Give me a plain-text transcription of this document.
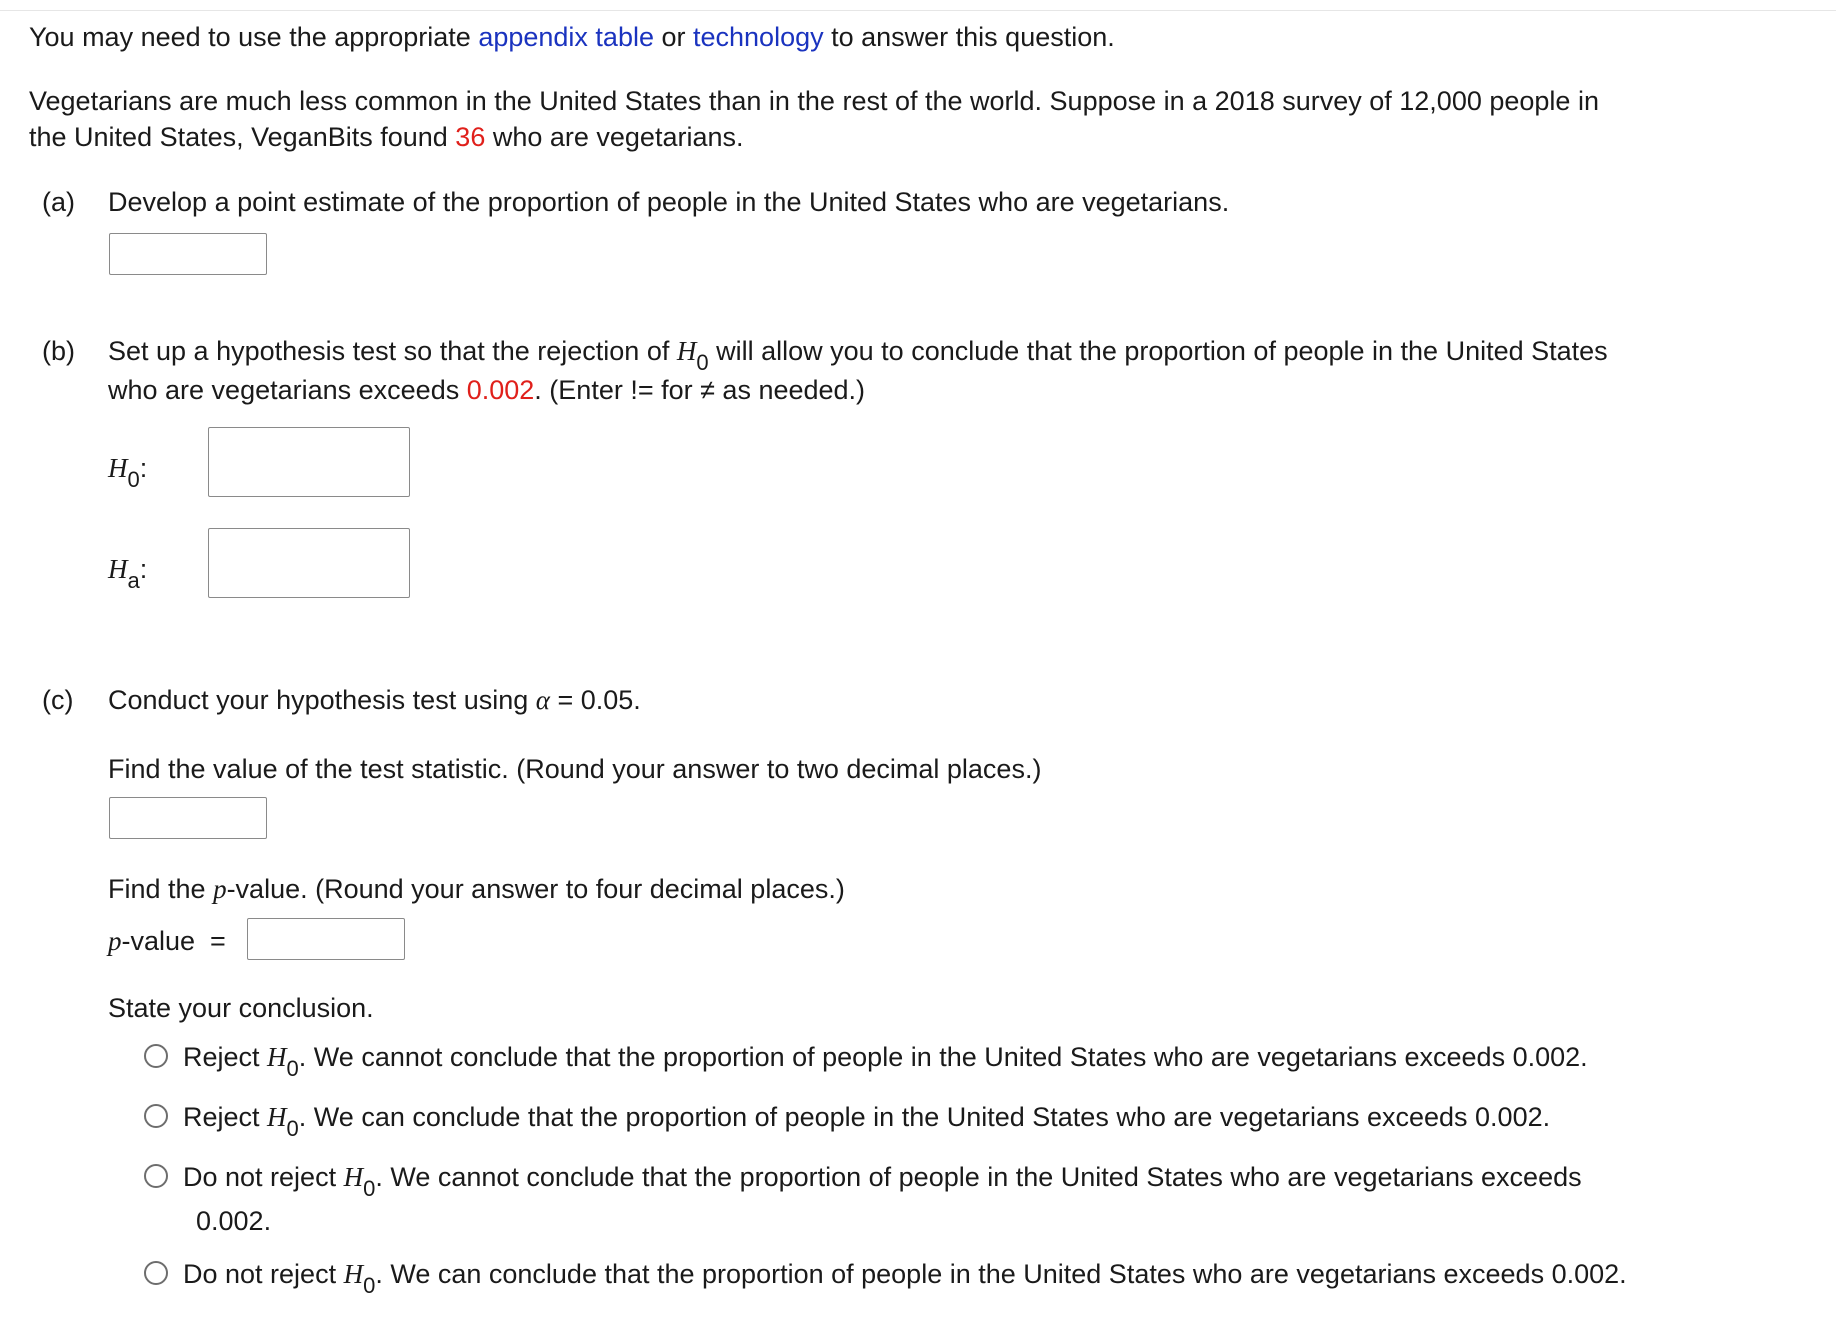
You may need to use the appropriate appendix table or technology to answer this question.
Vegetarians are much less common in the United States than in the rest of the world. Suppose in a 2018 survey of 12,000 people in
the United States, VeganBits found 36 who are vegetarians.
(a) Develop a point estimate of the proportion of people in the United States who are vegetarians.
(b) Set up a hypothesis test so that the rejection of $H_0$ will allow you to conclude that the proportion of people in the United States
who are vegetarians exceeds 0.002. (Enter != for ≠ as needed.)
$H_0$:
$H_a$:
(c) Conduct your hypothesis test using α = 0.05.
Find the value of the test statistic. (Round your answer to two decimal places.)
Find the p-value. (Round your answer to four decimal places.)
p-value  =
State your conclusion.
Reject $H_0$. We cannot conclude that the proportion of people in the United States who are vegetarians exceeds 0.002.
Reject $H_0$. We can conclude that the proportion of people in the United States who are vegetarians exceeds 0.002.
Do not reject $H_0$. We cannot conclude that the proportion of people in the United States who are vegetarians exceeds
0.002.
Do not reject $H_0$. We can conclude that the proportion of people in the United States who are vegetarians exceeds 0.002.
